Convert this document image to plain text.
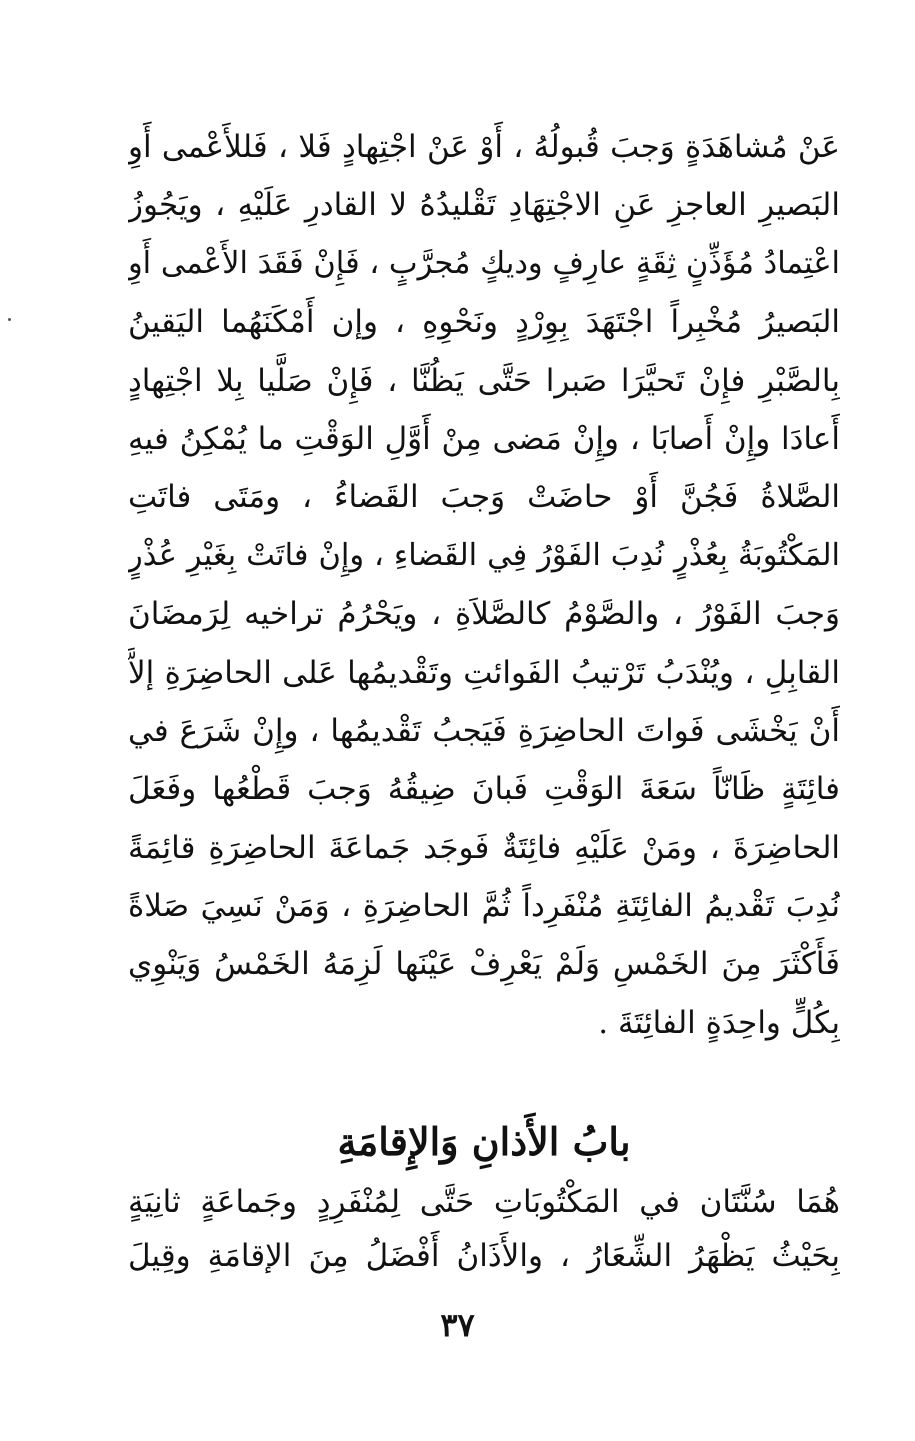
عَنْ مُشاهَدَةٍ وَجبَ قُبولُهُ ، أَوْ عَنْ اجْتِهادٍ فَلا ، فَللأَعْمى أَوِ
البَصيرِ العاجزِ عَنِ الاجْتِهَادِ تَقْليدُهُ لا القادرِ عَلَيْهِ ، ويَجُوزُ
اعْتِمادُ مُؤَذِّنٍ ثِقَةٍ عارِفٍ وديكٍ مُجرَّبٍ ، فَإِنْ فَقَدَ الأَعْمى أَوِ
البَصيرُ مُخْبِراً اجْتَهَدَ بِوِرْدٍ ونَحْوِهِ ، وإن أَمْكَنَهُما اليَقينُ
بِالصَّبْرِ فإِنْ تَحيَّرَا صَبرا حَتَّى يَظُنَّا ، فَإِنْ صَلَّيا بِلا اجْتِهادٍ
أَعادَا وإِنْ أَصابَا ، وإِنْ مَضى مِنْ أَوَّلِ الوَقْتِ ما يُمْكِنُ فيهِ
الصَّلاةُ فَجُنَّ أَوْ حاضَتْ وَجبَ القَضاءُ ، ومَتَى فاتَتِ
المَكْتُوبَةُ بِعُذْرٍ نُدِبَ الفَوْرُ فِي القَضاءِ ، وإِنْ فاتَتْ بِغَيْرِ عُذْرٍ
وَجبَ الفَوْرُ ، والصَّوْمُ كالصَّلاَةِ ، ويَحْرُمُ تراخيه لِرَمضَانَ
القابِلِ ، ويُنْدَبُ تَرْتيبُ الفَوائتِ وتَقْديمُها عَلى الحاضِرَةِ إلاَّ
أَنْ يَخْشَى فَواتَ الحاضِرَةِ فَيَجبُ تَقْديمُها ، وإِنْ شَرَعَ في
فائِتَةٍ ظَانّاً سَعَةَ الوَقْتِ فَبانَ ضِيقُهُ وَجبَ قَطْعُها وفَعَلَ
الحاضِرَةَ ، ومَنْ عَلَيْهِ فائِتَةٌ فَوجَد جَماعَةَ الحاضِرَةِ قائِمَةً
نُدِبَ تَقْديمُ الفائِتَةِ مُنْفَرِداً ثُمَّ الحاضِرَةِ ، وَمَنْ نَسِيَ صَلاةً
فَأَكْثَرَ مِنَ الخَمْسِ وَلَمْ يَعْرِفْ عَيْنَها لَزِمَهُ الخَمْسُ وَيَنْوِي
بِكُلٍّ واحِدَةٍ الفائِتَةَ .
بابُ الأَذانِ وَالإِقامَةِ
هُمَا سُنَّتَان في المَكْتُوبَاتِ حَتَّى لِمُنْفَرِدٍ وجَماعَةٍ ثانِيَةٍ
بِحَيْثُ يَظْهَرُ الشِّعَارُ ، والأَذَانُ أَفْضَلُ مِنَ الإقامَةِ وقِيلَ
٣٧
